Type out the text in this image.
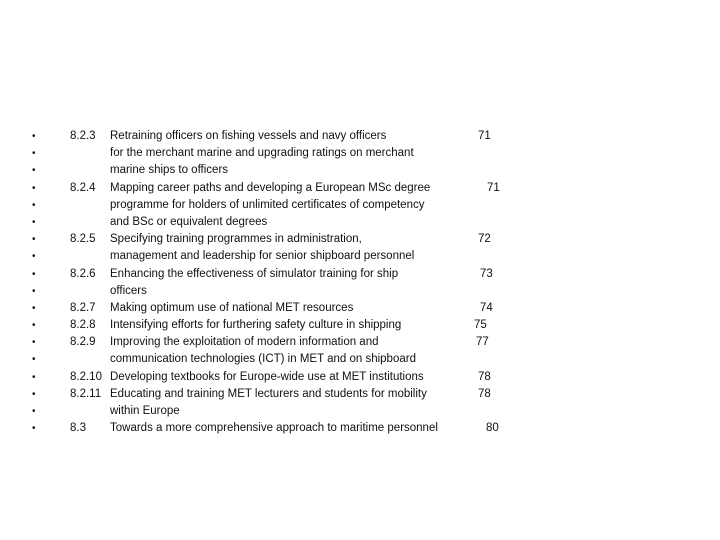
•	8.2.3 Retraining officers on fishing vessels and navy officers	71
•	for the merchant marine and upgrading ratings on merchant
•	marine ships to officers
•	8.2.4 Mapping career paths and developing a European MSc degree	71
•	programme for holders of unlimited certificates of competency
•	and BSc or equivalent degrees
•	8.2.5 Specifying training programmes in administration,	72
•	management and leadership for senior shipboard personnel
•	8.2.6 Enhancing the effectiveness of simulator training for ship	73
•	officers
•	8.2.7 Making optimum use of national MET resources	74
•	8.2.8 Intensifying efforts for furthering safety culture in shipping	75
•	8.2.9 Improving the exploitation of modern information and	77
•	communication technologies (ICT) in MET and on shipboard
•	8.2.10 Developing textbooks for Europe-wide use at MET institutions	78
•	8.2.11 Educating and training MET lecturers and students for mobility	78
•	within Europe
•	8.3 Towards a more comprehensive approach to maritime personnel	80
